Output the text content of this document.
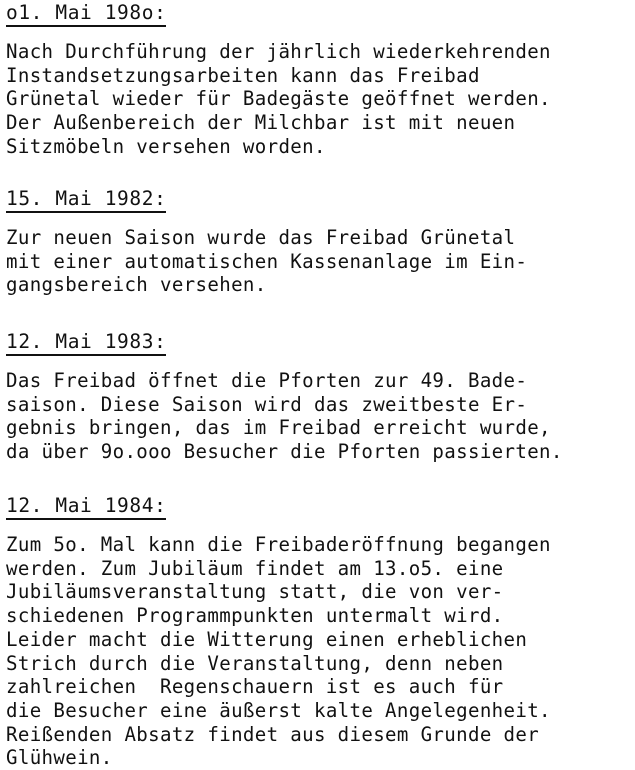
o1. Mai 198o:
Nach Durchführung der jährlich wiederkehrenden
Instandsetzungsarbeiten kann das Freibad
Grünetal wieder für Badegäste geöffnet werden.
Der Außenbereich der Milchbar ist mit neuen
Sitzmöbeln versehen worden.
15. Mai 1982:
Zur neuen Saison wurde das Freibad Grünetal
mit einer automatischen Kassenanlage im Ein-
gangsbereich versehen.
12. Mai 1983:
Das Freibad öffnet die Pforten zur 49. Bade-
saison. Diese Saison wird das zweitbeste Er-
gebnis bringen, das im Freibad erreicht wurde,
da über 9o.ooo Besucher die Pforten passierten.
12. Mai 1984:
Zum 5o. Mal kann die Freibaderöffnung begangen
werden. Zum Jubiläum findet am 13.o5. eine
Jubiläumsveranstaltung statt, die von ver-
schiedenen Programmpunkten untermalt wird.
Leider macht die Witterung einen erheblichen
Strich durch die Veranstaltung, denn neben
zahlreichen  Regenschauern ist es auch für
die Besucher eine äußerst kalte Angelegenheit.
Reißenden Absatz findet aus diesem Grunde der
Glühwein.
